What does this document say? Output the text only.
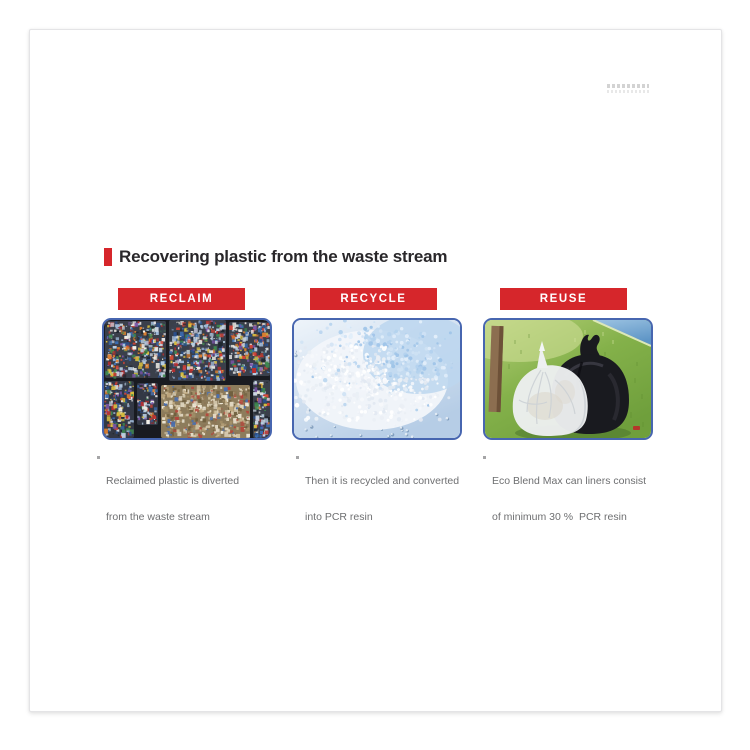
Recovering plastic from the waste stream
RECLAIM	RECYCLE	REUSE

Reclaimed plastic is diverted

from the waste stream

Then it is recycled and converted

into PCR resin

Eco Blend Max can liners consist

of minimum 30 %  PCR resin
